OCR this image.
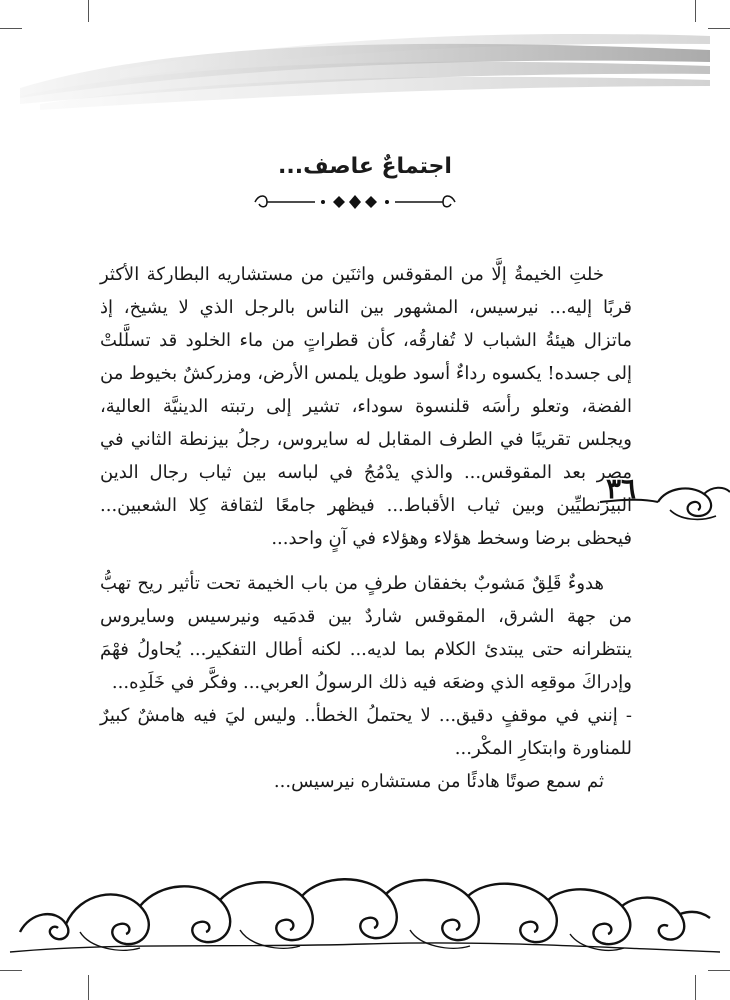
اجتماعٌ عاصف...
٣٦

خلتِ الخيمةُ إلَّا من المقوقس واثنَين من مستشاريه البطاركة الأكثر قربًا إليه... نيرسيس، المشهور بين الناس بالرجل الذي لا يشيخ، إذ ماتزال هيئةُ الشباب لا تُفارقُه، كأن قطراتٍ من ماء الخلود قد تسلَّلتْ إلى جسده! يكسوه رداءٌ أسود طويل يلمس الأرض، ومزركشٌ بخيوط من الفضة، وتعلو رأسَه قلنسوة سوداء، تشير إلى رتبته الدينيَّة العالية، ويجلس تقريبًا في الطرف المقابل له سايروس، رجلُ بيزنطة الثاني في مصر بعد المقوقس... والذي يدْمُجُ في لباسه بين ثياب رجال الدين البيزنطيِّين وبين ثياب الأقباط... فيظهر جامعًا لثقافة كِلا الشعبين... فيحظى برضا وسخط هؤلاء وهؤلاء في آنٍ واحد...

هدوءٌ قَلِقٌ مَشوبٌ بخفقان طرفٍ من باب الخيمة تحت تأثير ريح تهبُّ من جهة الشرق، المقوقس شاردٌ بين قدمَيه ونيرسيس وسايروس ينتظرانه حتى يبتدئ الكلام بما لديه... لكنه أطال التفكير... يُحاولُ فهْمَ وإدراكَ موقعِه الذي وضعَه فيه ذلك الرسولُ العربي... وفكَّر في خَلَدِه...

- إنني في موقفٍ دقيق... لا يحتملُ الخطأ.. وليس ليَ فيه هامشٌ كبيرٌ للمناورة وابتكارِ المكْر...

ثم سمع صوتًا هادئًا من مستشاره نيرسيس...
